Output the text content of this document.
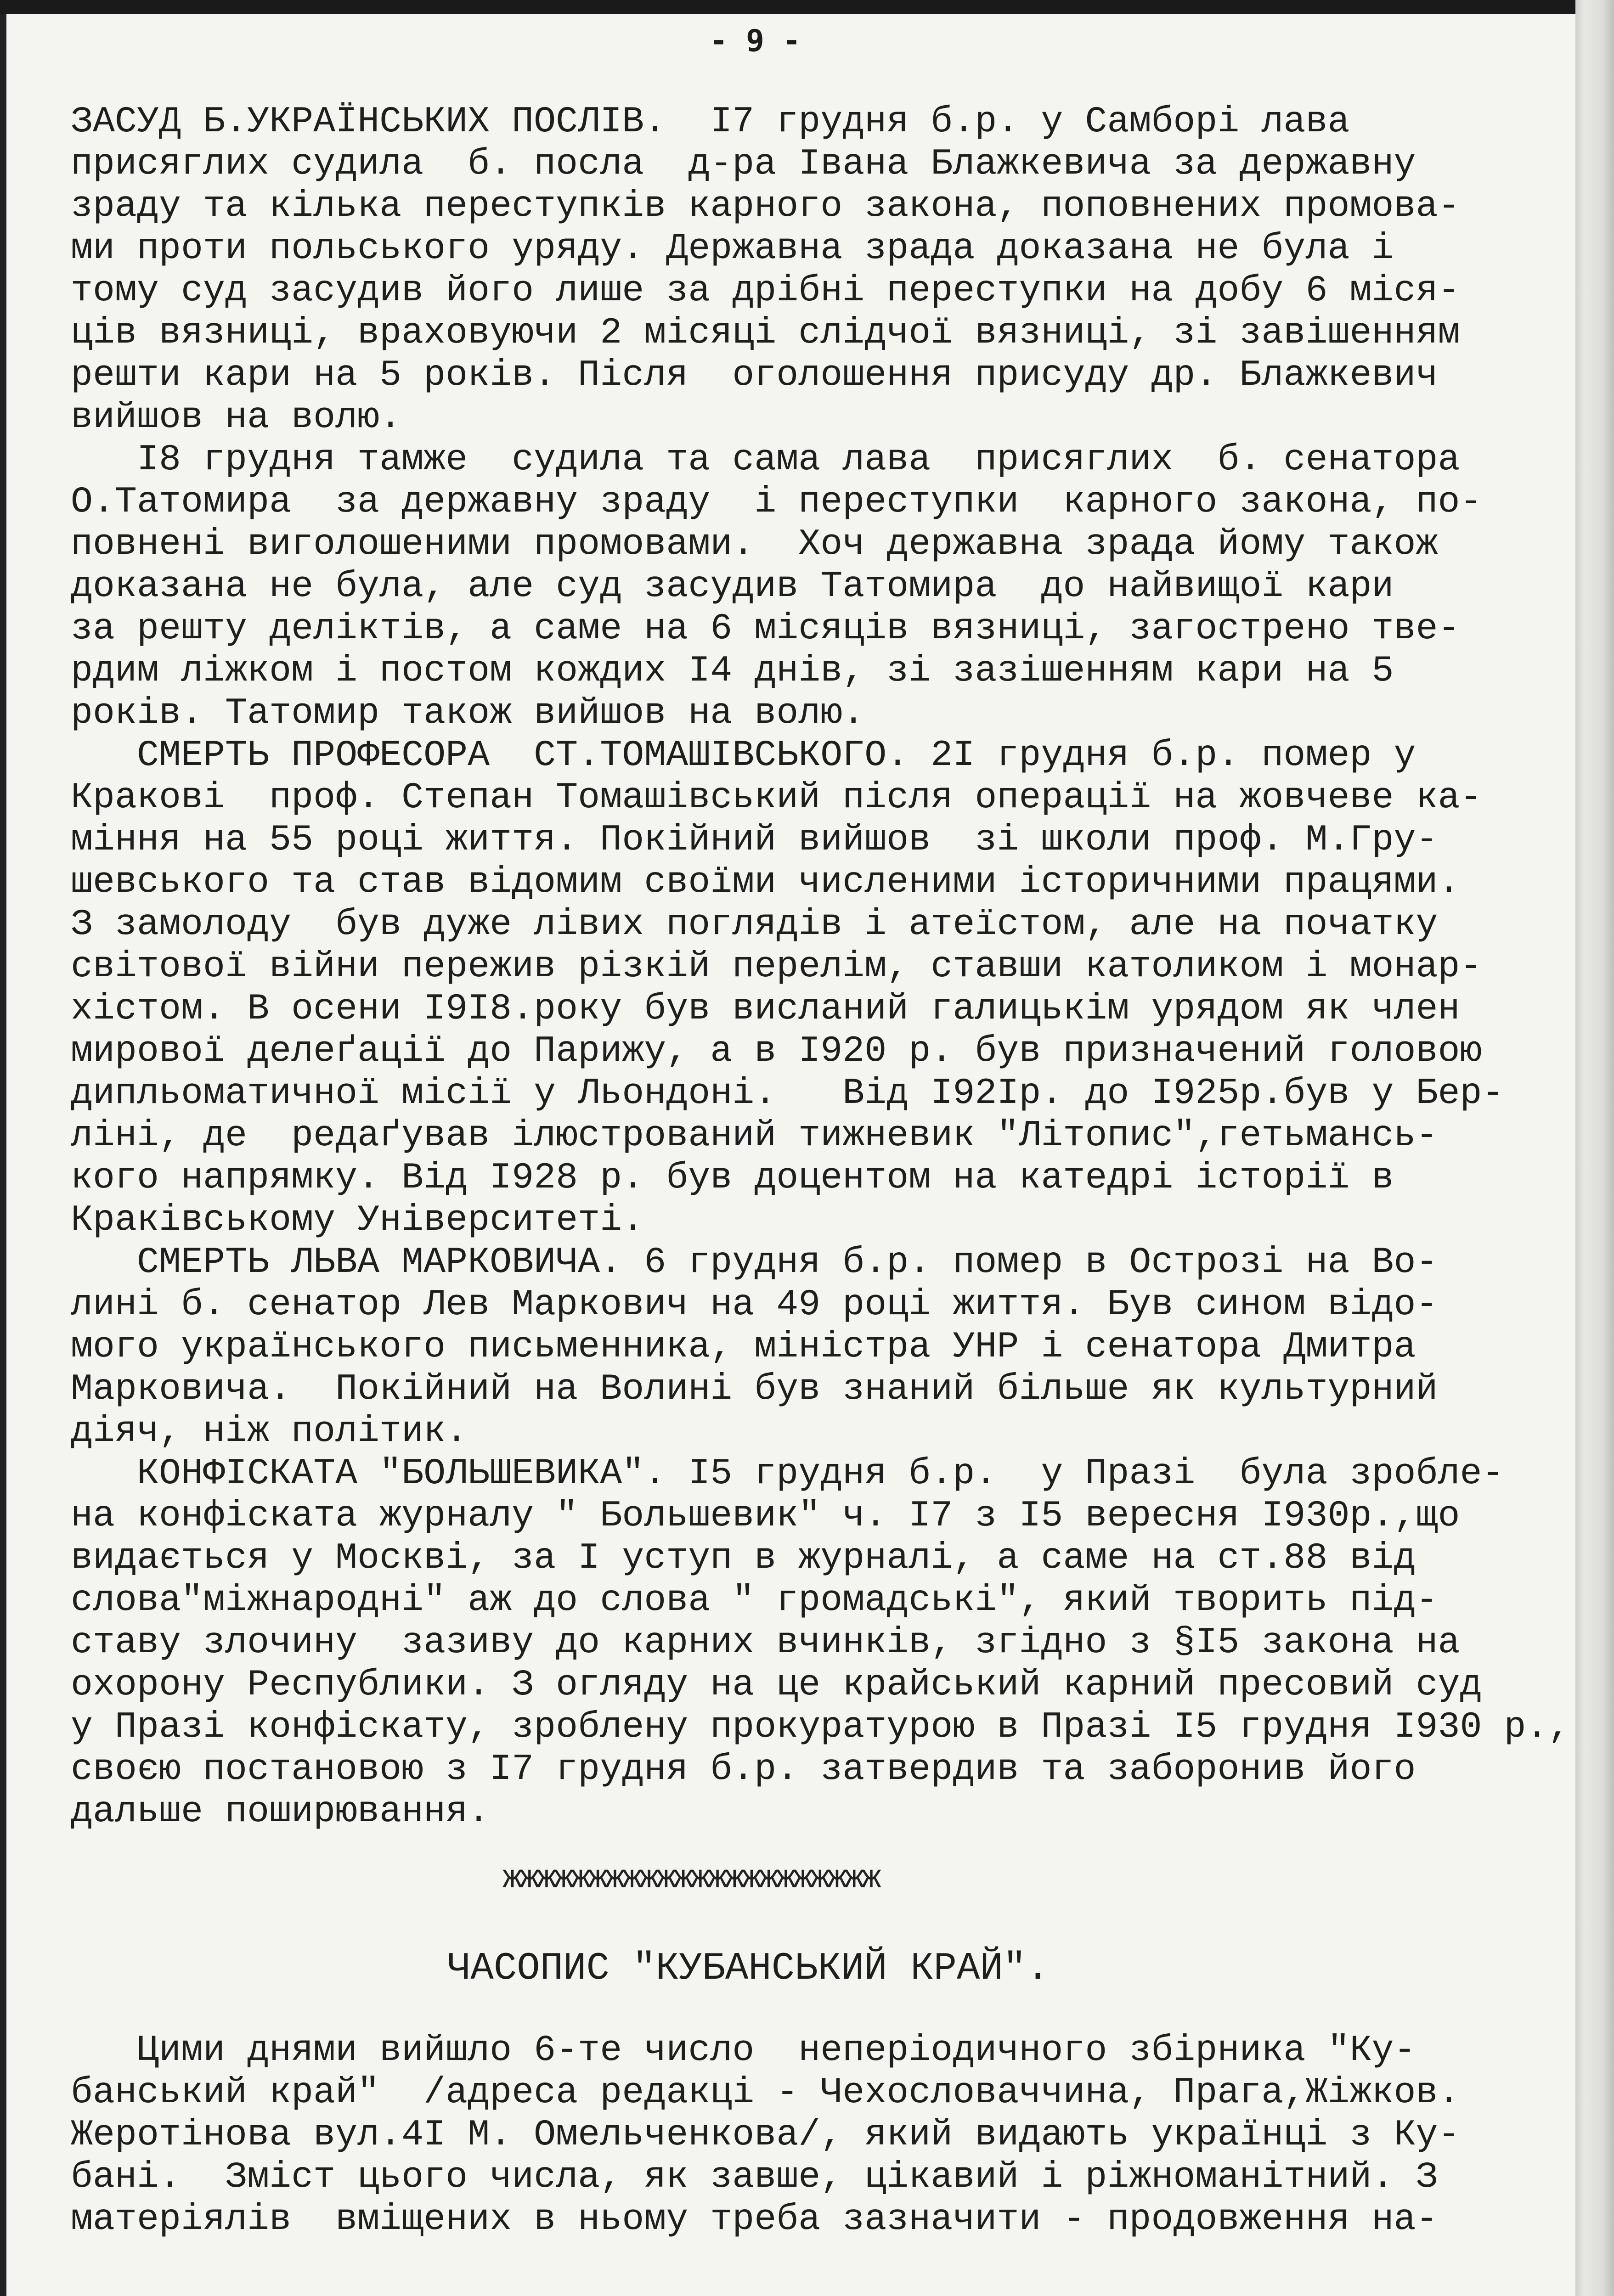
- 9 -
ЗАСУД Б.УКРАЇНСЬКИХ ПОСЛІВ.  І7 грудня б.р. у Самборі лава
присяглих судила  б. посла  д-ра Івана Блажкевича за державну
зраду та кілька переступків карного закона, поповнених промова-
ми проти польського уряду. Державна зрада доказана не була і
тому суд засудив його лише за дрібні переступки на добу 6 міся-
ців вязниці, враховуючи 2 місяці слідчої вязниці, зі завішенням
решти кари на 5 років. Після  оголошення присуду др. Блажкевич
вийшов на волю.
І8 грудня тамже  судила та сама лава  присяглих  б. сенатора
О.Татомира  за державну зраду  і переступки  карного закона, по-
повнені виголошеними промовами.  Хоч державна зрада йому також
доказана не була, але суд засудив Татомира  до найвищої кари
за решту деліктів, а саме на 6 місяців вязниці, загострено твe-
рдим ліжком і постом кождих І4 днів, зі зазішенням кари на 5
років. Татомир також вийшов на волю.
СМЕРТЬ ПРОФЕСОРА  СТ.ТОМАШІВСЬКОГО. 2І грудня б.р. помер у
Кракові  проф. Степан Томашівський після операції на жовчеве ка-
міння на 55 році життя. Покійний вийшов  зі школи проф. М.Гру-
шевського та став відомим своїми численими історичними працями.
З замолоду  був дуже лівих поглядів і атеїстом, але на початку
світової війни пережив різкій перелім, ставши католиком і монар-
хістом. В осени І9І8.року був висланий галицькім урядом як член
мирової делеґації до Парижу, а в І920 р. був призначений головою
дипльоматичної місії у Льондоні.   Від І92Ір. до І925р.був у Бер-
ліні, де  редаґував ілюстрований тижневик "Літопис",гетьмансь-
кого напрямку. Від І928 р. був доцентом на катедрі історії в
Краківському Університеті.
СМЕРТЬ ЛЬВА МАРКОВИЧА. 6 грудня б.р. помер в Острозі на Во-
лині б. сенатор Лев Маркович на 49 році життя. Був сином відо-
мого українського письменника, міністра УНР і сенатора Дмитра
Марковича.  Покійний на Волині був знаний більше як культурний
діяч, ніж політик.
КОНФІСКАТА "БОЛЬШЕВИКА". І5 грудня б.р.  у Празі  була зробле-
на конфіската журналу " Большевик" ч. І7 з І5 вересня І930р.,що
видається у Москві, за І уступ в журналі, а саме на ст.88 від
слова"міжнародні" аж до слова " громадські", який творить під-
ставу злочину  зазиву до карних вчинків, згідно з §І5 закона на
охорону Республики. З огляду на це крайський карний пресовий суд
у Празі конфіскату, зроблену прокуратурою в Празі І5 грудня І930 р.,
своєю постановою з І7 грудня б.р. затвердив та заборонив його
дальше поширювання.
жжжжжжжжжжжжжжжжжжжжжж
ЧАСОПИС "КУБАНСЬКИЙ КРАЙ".
Цими днями вийшло 6-те число  неперіодичного збірника "Ку-
банський край"  /адреса редакці - Чехословаччина, Прага,Жіжков.
Жеротінова вул.4І М. Омельченкова/, який видають українці з Ку-
бані.  Зміст цього числа, як завше, цікавий і ріжноманітний. З
матеріялів  вміщених в ньому треба зазначити - продовження на-
